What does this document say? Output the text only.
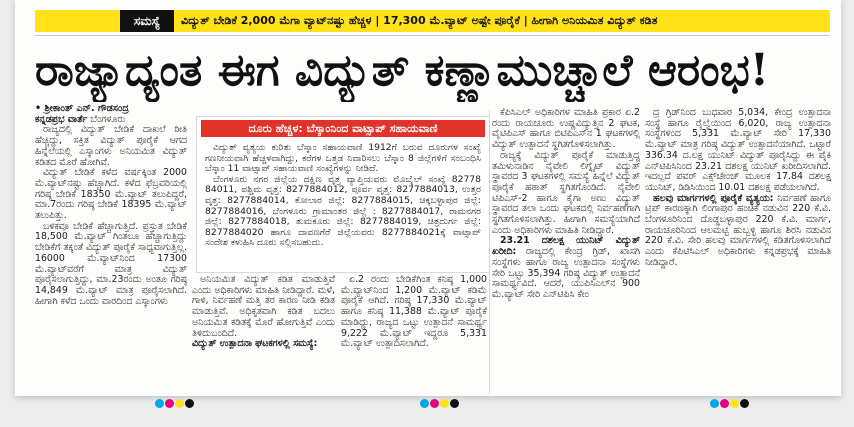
ಸಮಸ್ಯೆ	ವಿದ್ಯುತ್ ಬೇಡಿಕೆ 2,000 ಮೆಗಾ ವ್ಯಾಟ್‌ನಷ್ಟು ಹೆಚ್ಚಳ | 17,300 ಮೆ.ವ್ಯಾಟ್ ಅಷ್ಟೇ ಪೂರೈಕೆ | ಹೀಗಾಗಿ ಅನಿಯಮಿತ ವಿದ್ಯುತ್ ಕಡಿತ
ರಾಜ್ಯಾದ್ಯಂತ ಈಗ ವಿದ್ಯುತ್ ಕಣ್ಣಾಮುಚ್ಚಾಲೆ ಆರಂಭ!

• ಶ್ರೀಕಾಂತ್ ಎನ್. ಗೌಡಸಂದ್ರ

ಕನ್ನಡಪ್ರಭ ವಾರ್ತೆ ಬೆಂಗಳೂರು

ರಾಜ್ಯದಲ್ಲಿ ವಿದ್ಯುತ್ ಬೇಡಿಕೆ ದಾಖಲೆ ರೀತಿ ಹೆಚ್ಚಿದ್ದು, ಸಕ್ತಿತ ವಿದ್ಯುತ್ ಪೂರೈಕೆ ಆಗದ ಹಿನ್ನೆಲೆಯಲ್ಲಿ ಎಸ್ಕಾಂಗಳು ಅನಿಯಮಿತ ವಿದ್ಯುತ್ ಕಡಿತದ ಮೊರೆ ಹೋಗಿವೆ.

ವಿದ್ಯುತ್ ಬೇಡಿಕೆ ಕಳೆದ ವರ್ಷಕ್ಕಿಂತ 2000 ಮೆ.ವ್ಯಾಟ್‌ನಷ್ಟು ಹೆಚ್ಚಾಗಿದೆ. ಕಳೆದ ಫೆಬ್ರವರಿಯಲ್ಲಿ ಗರಿಷ್ಠ ಬೇಡಿಕೆ 18350 ಮೆ.ವ್ಯಾಟ್ ತಲುಪಿದ್ದರೆ, ಮಾ.7ರಂದು ಗರಿಷ್ಠ ಬೇಡಿಕೆ 18395 ಮೆ.ವ್ಯಾಟ್ ತಲುಪಿತ್ತು.

ಬಳಿಕವೂ ಬೇಡಿಕೆ ಹೆಚ್ಚಾಗುತ್ತಿದೆ. ಪ್ರಸ್ತುತ ಬೇಡಿಕೆ 18,500 ಮೆ.ವ್ಯಾಟ್ ಗಿಂತಲೂ ಹೆಚ್ಚಾಗುತ್ತಿದ್ದು ಬೇಡಿಕೆಗೆ ತಕ್ಕಂತೆ ವಿದ್ಯುತ್ ಪೂರೈಕೆ ಸಾಧ್ಯವಾಗುತ್ತಿಲ್ಲ. 16000 ಮೆ.ವ್ಯಾಟ್‌ನಿಂದ 17300 ಮೆ.ವ್ಯಾಟ್‌ವರೆಗೆ ಮಾತ್ರ ವಿದ್ಯುತ್ ಪೂರೈಸಲಾಗುತ್ತಿದ್ದು, ಮಾ.23ರಂದು ಅಂತೂ ಗರಿಷ್ಠ 14,849 ಮೆ.ವ್ಯಾಟ್ ಮಾತ್ರ ಪೂರೈಸಲಾಗಿದೆ. ಹೀಗಾಗಿ ಕಳೆದ ಒಂದು ವಾರದಿಂದ ಎಸ್ಕಾಂಗಳು

ದೂರು ಹೆಚ್ಚಳ: ಬೆಸ್ಕಾಂನಿಂದ ವಾಟ್ಸಾಪ್ ಸಹಾಯವಾಣಿ

ವಿದ್ಯುತ್ ವ್ಯತ್ಯಯ ಕುರಿತು ಬೆಸ್ಕಾಂ ಸಹಾಯವಾಣಿ 1912ಗೆ ಬರುವ ದೂರುಗಳ ಸಂಖ್ಯೆ ಗಣನೀಯವಾಗಿ ಹೆಚ್ಚಳವಾಗಿದ್ದು, ಕರೆಗಳ ಒತ್ತಡ ನಿವಾರಿಸಲು ಬೆಸ್ಕಾಂ 8 ಜಿಲ್ಲೆಗಳಿಗೆ ಸಂಬಂಧಿಸಿ ಬೆಸ್ಕಾಂ 11 ವಾಟ್ಸಾಪ್ ಸಹಾಯವಾಣಿ ಸಂಖ್ಯೆಗಳನ್ನು ನೀಡಿದೆ.

ಬೆಂಗಳೂರು ನಗರ ಜಿಲ್ಲೆಯ ದಕ್ಷಿಣ ವೃತ್ತ ವ್ಯಾಪ್ತಿಯವರು ಮೊಬೈಲ್ ಸಂಖ್ಯೆ 82778 84011, ಪಶ್ಚಿಮ ವೃತ್ತ: 8277884012, ಪೂರ್ವ ವೃತ್ತ: 8277884013, ಉತ್ತರ ವೃತ್ತ: 8277884014, ಕೋಲಾರ ಜಿಲ್ಲೆ: 8277884015, ಚಿಕ್ಕಬಳ್ಳಾಪುರ ಜಿಲ್ಲೆ: 8277884016, ಬೆಂಗಳೂರು ಗ್ರಾಮಾಂತರ ಜಿಲ್ಲೆ : 8277884017, ರಾಮನಗರ ಜಿಲ್ಲೆ: 8277884018, ತುಮಕೂರು ಜಿಲ್ಲೆ: 8277884019, ಚಿತ್ರದುರ್ಗ ಜಿಲ್ಲೆ: 8277884020 ಹಾಗೂ ದಾವಣಗೆರೆ ಜಿಲ್ಲೆಯವರು 8277884021ಕ್ಕೆ ವಾಟ್ಸಾಪ್ ಸಂದೇಶ ಕಳುಹಿಸಿ ದೂರು ಸಲ್ಲಿಸಬಹುದು.

ಅನಿಯಮಿತ ವಿದ್ಯುತ್ ಕಡಿತ ಮಾಡುತ್ತಿವೆ ಎಂದು ಅಧಿಕಾರಿಗಳು ಮಾಹಿತಿ ನೀಡಿದ್ದಾರೆ. ಮಳೆ, ಗಾಳಿ, ನಿರ್ವಹಣೆ ಮತ್ತಿ ತರ ಕಾರಣ ನೀಡಿ ಕಡಿತ ಮಾಡುತ್ತಿವೆ. ಅಧಿಕೃತವಾಗಿ ಕಡಿತ ಬದಲು ಅನಿಯಮಿತ ಕಡಿತಕ್ಕೆ ಮೊರೆ ಹೋಗುತ್ತಿವೆ ಎಂದು ತಿಳಿದುಬಂದಿದೆ.

ವಿದ್ಯುತ್ ಉತ್ಪಾದನಾ ಘಟಕಗಳಲ್ಲಿ ಸಮಸ್ಯೆ:

ಏ.2 ರಂದು ಬೇಡಿಕೆಗಿಂತ ಕನಿಷ್ಠ 1,000 ಮೆ.ವ್ಯಾಟ್‌ನಿಂದ 1,200 ಮೆ.ವ್ಯಾಟ್ ಕಡಿಮೆ ಪೂರೈಕೆ ಆಗಿದೆ. ಗರಿಷ್ಠ 17,330 ಮೆ.ವ್ಯಾಟ್ ಹಾಗೂ ಕನಿಷ್ಠ 11,388 ಮೆ.ವ್ಯಾಟ್ ಪೂರೈಕೆ ಮಾಡಿದ್ದು, ರಾಜ್ಯದ ಒಟ್ಟು ಉತ್ಪಾದನೆ ಸಾಮರ್ಥ್ಯ 9,222 ಮೆ.ವ್ಯಾಟ್ ಇದ್ದರೂ 5,331 ಮೆ.ವ್ಯಾಟ್ ಉತ್ಪಾದಿಸಲಾಗಿದೆ.

ಕೆಪಿಸಿಎಲ್ ಅಧಿಕಾರಿಗಳ ಮಾಹಿತಿ ಪ್ರಕಾರ ಏ.2 ರಂದು ರಾಯಚೂರು ಉಷ್ಣವಿದ್ಯುತ್ತಿನ 2 ಘಟಕ, ವೈಟಿಪಿಎಸ್ ಹಾಗೂ ಬಿಟಿಪಿಎಸ್‌ನ 1 ಘಟಕಗಳಲ್ಲಿ ವಿದ್ಯುತ್ ಉತ್ಪಾದನೆ ಸ್ಥಗಿತಗೊಳಿಸಲಾಗಿತ್ತು.

ರಾಜ್ಯಕ್ಕೆ ವಿದ್ಯುತ್ ಪೂರೈಕೆ ಮಾಡುತ್ತಿದ್ದ ತಮಿಳುನಾಡಿನ ನೈವೇಲಿ ಲಿಗ್ನೈಟ್ ವಿದ್ಯುತ್ ಸ್ಥಾವರದ 3 ಘಟಕಗಳಲ್ಲಿ ಸಮಸ್ಯೆ ಹಿನ್ನೆಲೆ ವಿದ್ಯುತ್ ಪೂರೈಕೆ ಹಠಾತ್ ಸ್ಥಗಿತಗೊಂಡಿದೆ. ನೈವೇಲಿ ಟಿಪಿಎಸ್-2 ಹಾಗೂ ಕೈಗಾ ಅಣು ವಿದ್ಯುತ್ ಸ್ಥಾವರದ ತಲಾ ಒಂದು ಘಟಕದಲ್ಲಿ ನಿರ್ವಹಣೆಗಾಗಿ ಸ್ಥಗಿತಗೊಳಿಸಲಾಗಿತ್ತು. ಹೀಗಾಗಿ ಸಮಸ್ಯೆಯಾಗಿದೆ ಎಂದು ಅಧಿಕಾರಿಗಳು ಮಾಹಿತಿ ನೀಡಿದ್ದಾರೆ.

23.21 ದಶಲಕ್ಷ ಯುನಿಟ್ ವಿದ್ಯುತ್ ಖರೀದಿ: ರಾಜ್ಯದಲ್ಲಿ ಕೇಂದ್ರ ಗ್ರಿಡ್, ಖಾಸಗಿ ಸಂಸ್ಥೆಗಳು ಹಾಗೂ ರಾಜ್ಯ ಉತ್ಪಾದನಾ ಸಂಸ್ಥೆಗಳು ಸೇರಿ ಒಟ್ಟು 35,394 ಗರಿಷ್ಠ ವಿದ್ಯುತ್ ಉತ್ಪಾದನೆ ಸಾಮರ್ಥ್ಯವಿದೆ. ಆದರೆ, ಯುಪಿಸಿಎಲ್‌ನ 900 ಮೆ.ವ್ಯಾಟ್ ಸೇರಿ ಎನ್‌ಟಿಪಿಸಿ ಕೇಂ

ದ್ರ ಗ್ರಿಡ್‌ನಿಂದ ಬುಧವಾರ 5,034, ಕೇಂದ್ರ ಉತ್ಪಾದನಾ ಸಂಸ್ಥೆ ಹಾಗೂ ರೈಲ್ವೆಯಿಂದ 6,020, ರಾಜ್ಯ ಉತ್ಪಾದನಾ ಸಂಸ್ಥೆಗಳಿಂದ 5,331 ಮೆ.ವ್ಯಾಟ್ ಸೇರಿ 17,330 ಮೆ.ವ್ಯಾಟ್ ಮಾತ್ರ ಗರಿಷ್ಠ ವಿದ್ಯುತ್ ಉತ್ಪಾದನೆಯಾಗಿದೆ. ಒಟ್ಟಾರೆ 336.34 ದ.ಲಕ್ಷ ಯುನಿಟ್ ವಿದ್ಯುತ್ ಪೂರೈಸಿದ್ದು ಈ ಪೈಕಿ ಎನ್‌ಟಿಪಿಸಿನಿಂದ 23.21 ದಶಲಕ್ಷ ಯುನಿಟ್ ಖರೀದಿಸಲಾಗಿದೆ. ಇದಲ್ಲದೆ ಪವರ್ ಎಕ್ಸ್‌ಚೇಂಜ್ ಮೂಲಕ 17.84 ದಶಲಕ್ಷ ಯುನಿಟ್, ಡಿಡಿಸಿಯಿಂದ 10.01 ದಶಲಕ್ಷ ಪಡೆಯಲಾಗಿದೆ.

ಹಲವು ಮಾರ್ಗಗಳಲ್ಲಿ ಪೂರೈಕೆ ವ್ಯತ್ಯಯ: ನಿರ್ವಹಣೆ ಹಾಗೂ ಟ್ರಿಪ್ ಕಾರಣಕ್ಕಾಗಿ ಲಿಂಗಾಪುರ ಹಂಚಿಕೆ ನಡುವಿನ 220 ಕೆ.ವಿ. ಬೆಂಗಳೂರಿನಿಂದ ದೊಡ್ಡಬಳ್ಳಾಪುರ 220 ಕೆ.ವಿ. ಮಾರ್ಗ, ರಾಯಚೂರಿನಿಂದ ಆಲಮಟ್ಟಿ ಹುಬ್ಬಳ್ಳಿ ಹಾಗೂ ಶಿರಸಿ ನಡುವಿನ 220 ಕೆ.ವಿ. ಸೇರಿ ಹಲವು ಮಾರ್ಗಗಳಲ್ಲಿ ಕಡಿತಗೊಳಿಸಲಾಗಿದೆ ಎಂದು ಕೆಪಿಟಿಸಿಎಲ್ ಅಧಿಕಾರಿಗಳು ಕನ್ನಡಪ್ರಭಕ್ಕೆ ಮಾಹಿತಿ ನೀಡಿದ್ದಾರೆ.
